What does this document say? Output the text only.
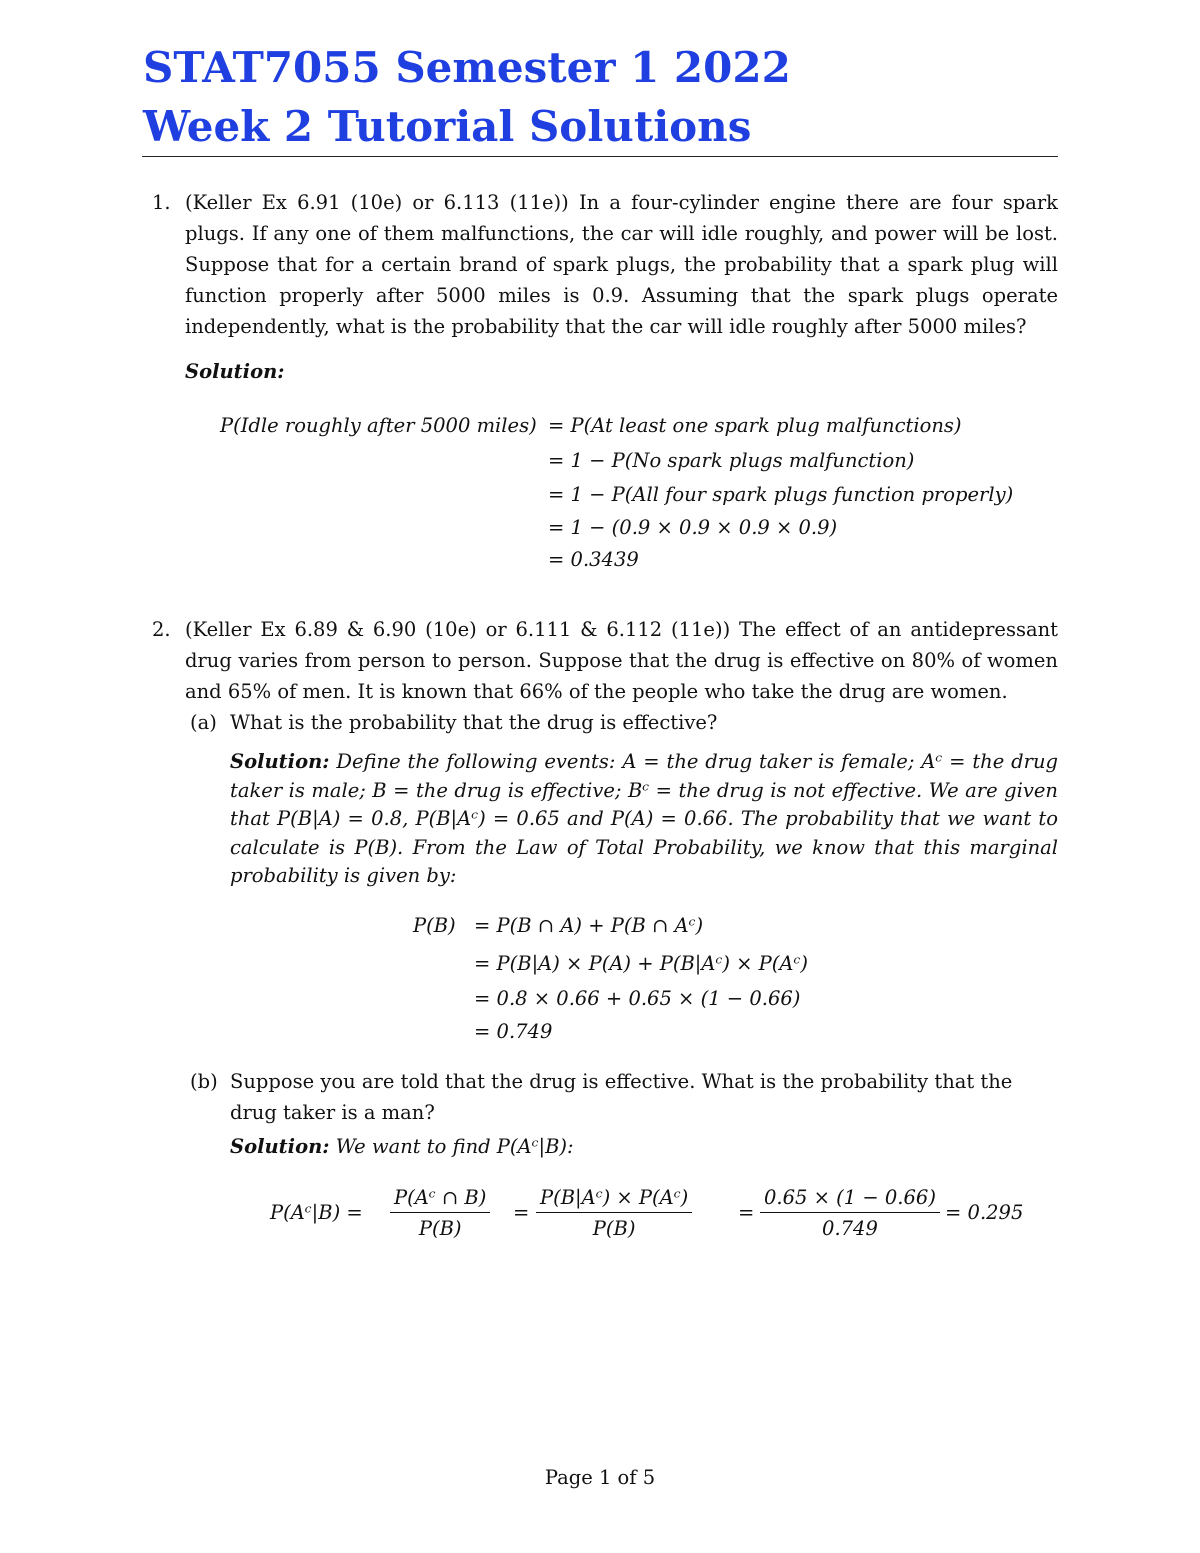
STAT7055 Semester 1 2022
Week 2 Tutorial Solutions
1. (Keller Ex 6.91 (10e) or 6.113 (11e)) In a four-cylinder engine there are four spark plugs. If any one of them malfunctions, the car will idle roughly, and power will be lost. Suppose that for a certain brand of spark plugs, the probability that a spark plug will function properly after 5000 miles is 0.9. Assuming that the spark plugs operate independently, what is the probability that the car will idle roughly after 5000 miles?

Solution:
P(Idle roughly after 5000 miles) = P(At least one spark plug malfunctions)
= 1 − P(No spark plugs malfunction)
= 1 − P(All four spark plugs function properly)
= 1 − (0.9 × 0.9 × 0.9 × 0.9)
= 0.3439
2. (Keller Ex 6.89 & 6.90 (10e) or 6.111 & 6.112 (11e)) The effect of an antidepressant drug varies from person to person. Suppose that the drug is effective on 80% of women and 65% of men. It is known that 66% of the people who take the drug are women.

(a) What is the probability that the drug is effective?

Solution: Define the following events: A = the drug taker is female; Aᶜ = the drug taker is male; B = the drug is effective; Bᶜ = the drug is not effective. We are given that P(B|A) = 0.8, P(B|Aᶜ) = 0.65 and P(A) = 0.66. The probability that we want to calculate is P(B). From the Law of Total Probability, we know that this marginal probability is given by:

P(B) = P(B ∩ A) + P(B ∩ Aᶜ)
= P(B|A) × P(A) + P(B|Aᶜ) × P(Aᶜ)
= 0.8 × 0.66 + 0.65 × (1 − 0.66)
= 0.749
(b) Suppose you are told that the drug is effective. What is the probability that the drug taker is a man?

Solution: We want to find P(Aᶜ|B):

P(Aᶜ|B) = $\frac{\text{P(Aᶜ ∩ B)}}{P(B)} = \frac{\text{P(B|Aᶜ) × P(Aᶜ)}}{P(B)} = \frac{0.65 \times (1 - 0.66)}{0.749} = 0.295$
Page 1 of 5
